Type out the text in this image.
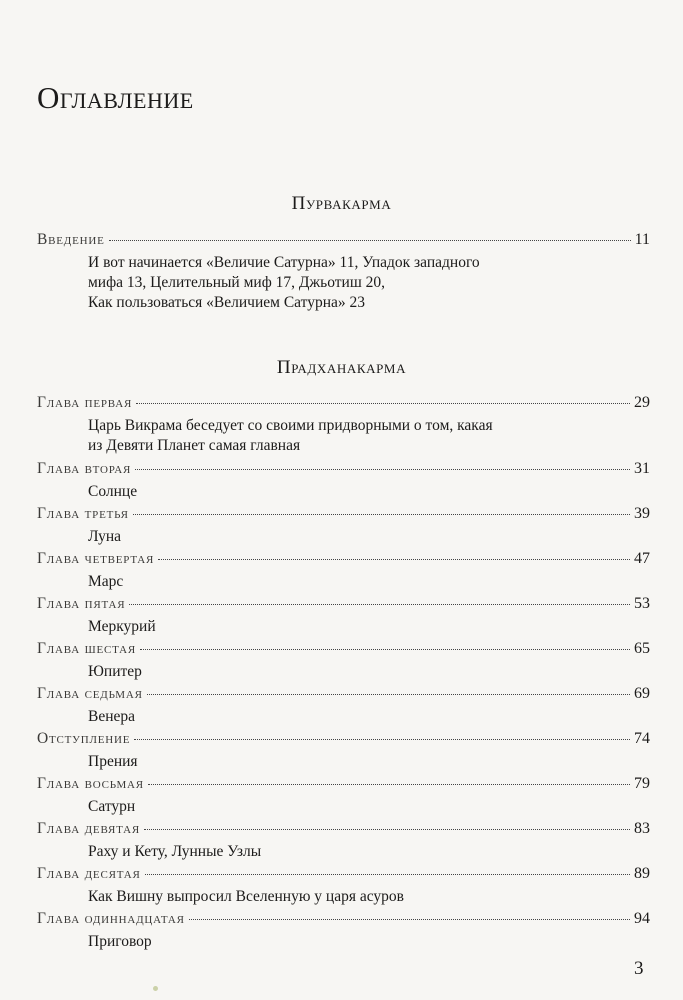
Оглавление
Пурвакарма
Введение	11
И вот начинается «Величие Сатурна» 11, Упадок западного
мифа 13, Целительный миф 17, Джьотиш 20,
Как пользоваться «Величием Сатурна» 23
Прадханакарма
Глава первая	29
Царь Викрама беседует со своими придворными о том, какая
из Девяти Планет самая главная
Глава вторая	31
Солнце
Глава третья	39
Луна
Глава четвертая	47
Марс
Глава пятая	53
Меркурий
Глава шестая	65
Юпитер
Глава седьмая	69
Венера
Отступление	74
Прения
Глава восьмая	79
Сатурн
Глава девятая	83
Раху и Кету, Лунные Узлы
Глава десятая	89
Как Вишну выпросил Вселенную у царя асуров
Глава одиннадцатая	94
Приговор
3
